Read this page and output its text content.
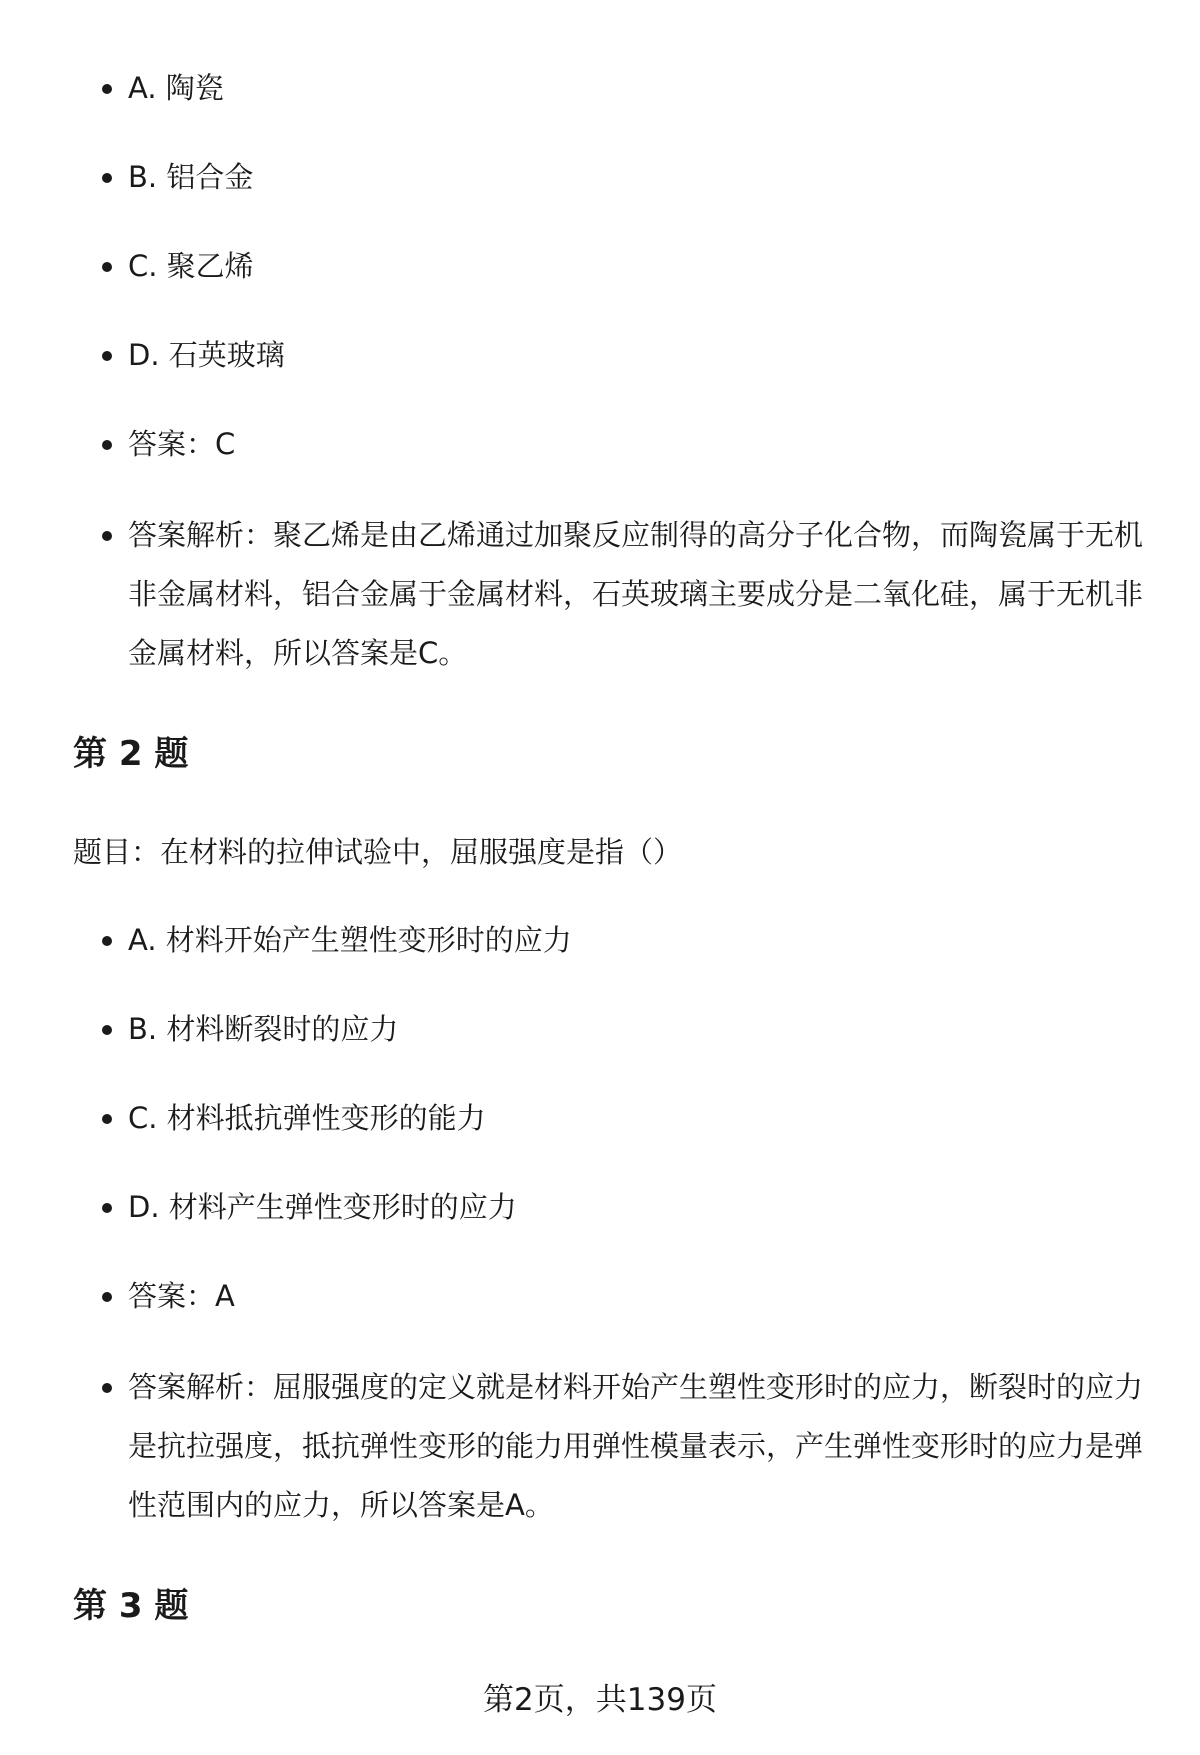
A. 陶瓷
B. 铝合金
C. 聚乙烯
D. 石英玻璃
答案：C
答案解析：聚乙烯是由乙烯通过加聚反应制得的高分子化合物，而陶瓷属于无机非金属材料，铝合金属于金属材料，石英玻璃主要成分是二氧化硅，属于无机非金属材料，所以答案是C。
第 2 题

题目：在材料的拉伸试验中，屈服强度是指（）

A. 材料开始产生塑性变形时的应力
B. 材料断裂时的应力
C. 材料抵抗弹性变形的能力
D. 材料产生弹性变形时的应力
答案：A
答案解析：屈服强度的定义就是材料开始产生塑性变形时的应力，断裂时的应力是抗拉强度，抵抗弹性变形的能力用弹性模量表示，产生弹性变形时的应力是弹性范围内的应力，所以答案是A。
第 3 题
第2页，共139页
